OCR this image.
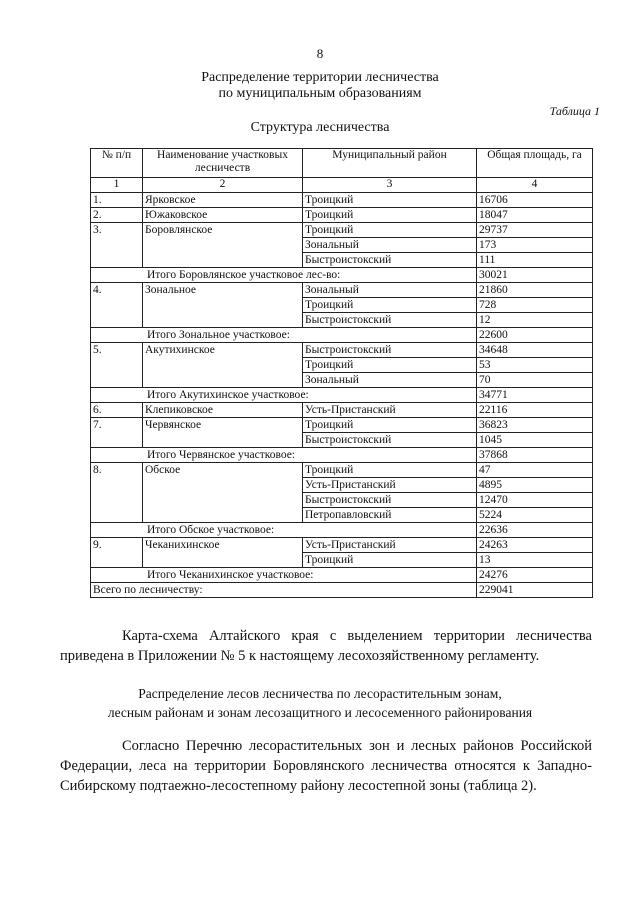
8
Распределение территории лесничества
по муниципальным образованиям
Таблица 1
Структура лесничества
№ п/п	Наименование участковых лесничеств	Муниципальный район	Общая площадь, га
1	2	3	4
1.	Ярковское	Троицкий	16706
2.	Южаковское	Троицкий	18047
3.	Боровлянское	Троицкий	29737
		Зональный	173
		Быстроистокский	111
Итого Боровлянское участковое лес-во:			30021
4.	Зональное	Зональный	21860
		Троицкий	728
		Быстроистокский	12
Итого Зональное участковое:			22600
5.	Акутихинское	Быстроистокский	34648
		Троицкий	53
		Зональный	70
Итого Акутихинское участковое:			34771
6.	Клепиковское	Усть-Пристанский	22116
7.	Червянское	Троицкий	36823
		Быстроистокский	1045
Итого Червянское участковое:			37868
8.	Обское	Троицкий	47
		Усть-Пристанский	4895
		Быстроистокский	12470
		Петропавловский	5224
Итого Обское участковое:			22636
9.	Чеканихинское	Усть-Пристанский	24263
		Троицкий	13
Итого Чеканихинское участковое:			24276
Всего по лесничеству:			229041
Карта-схема Алтайского края с выделением территории лесничества приведена в Приложении № 5 к настоящему лесохозяйственному регламенту.
Распределение лесов лесничества по лесорастительным зонам,
лесным районам и зонам лесозащитного и лесосеменного районирования
Согласно Перечню лесорастительных зон и лесных районов Российской Федерации, леса на территории Боровлянского лесничества относятся к Западно-Сибирскому подтаежно-лесостепному району лесостепной зоны (таблица 2).
